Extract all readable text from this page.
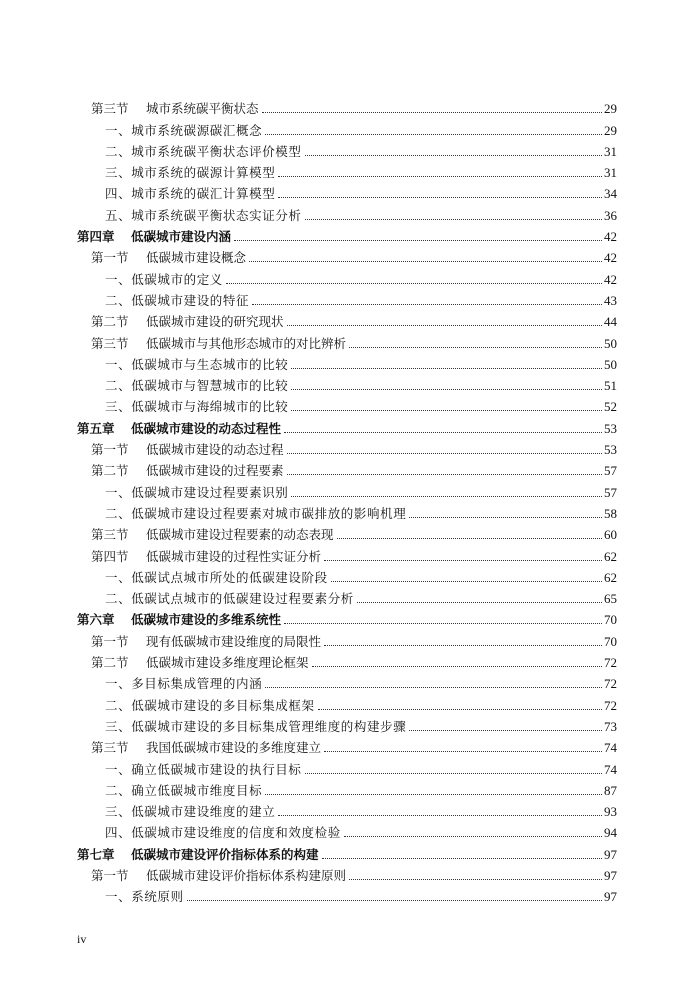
第三节	城市系统碳平衡状态	29
一、 城市系统碳源碳汇概念	29
二、 城市系统碳平衡状态评价模型	31
三、 城市系统的碳源计算模型	31
四、 城市系统的碳汇计算模型	34
五、 城市系统碳平衡状态实证分析	36
第四章	低碳城市建设内涵	42
第一节	低碳城市建设概念	42
一、 低碳城市的定义	42
二、 低碳城市建设的特征	43
第二节	低碳城市建设的研究现状	44
第三节	低碳城市与其他形态城市的对比辨析	50
一、 低碳城市与生态城市的比较	50
二、 低碳城市与智慧城市的比较	51
三、 低碳城市与海绵城市的比较	52
第五章	低碳城市建设的动态过程性	53
第一节	低碳城市建设的动态过程	53
第二节	低碳城市建设的过程要素	57
一、 低碳城市建设过程要素识别	57
二、 低碳城市建设过程要素对城市碳排放的影响机理	58
第三节	低碳城市建设过程要素的动态表现	60
第四节	低碳城市建设的过程性实证分析	62
一、 低碳试点城市所处的低碳建设阶段	62
二、 低碳试点城市的低碳建设过程要素分析	65
第六章	低碳城市建设的多维系统性	70
第一节	现有低碳城市建设维度的局限性	70
第二节	低碳城市建设多维度理论框架	72
一、 多目标集成管理的内涵	72
二、 低碳城市建设的多目标集成框架	72
三、 低碳城市建设的多目标集成管理维度的构建步骤	73
第三节	我国低碳城市建设的多维度建立	74
一、 确立低碳城市建设的执行目标	74
二、 确立低碳城市维度目标	87
三、 低碳城市建设维度的建立	93
四、 低碳城市建设维度的信度和效度检验	94
第七章	低碳城市建设评价指标体系的构建	97
第一节	低碳城市建设评价指标体系构建原则	97
一、 系统原则	97
iv
